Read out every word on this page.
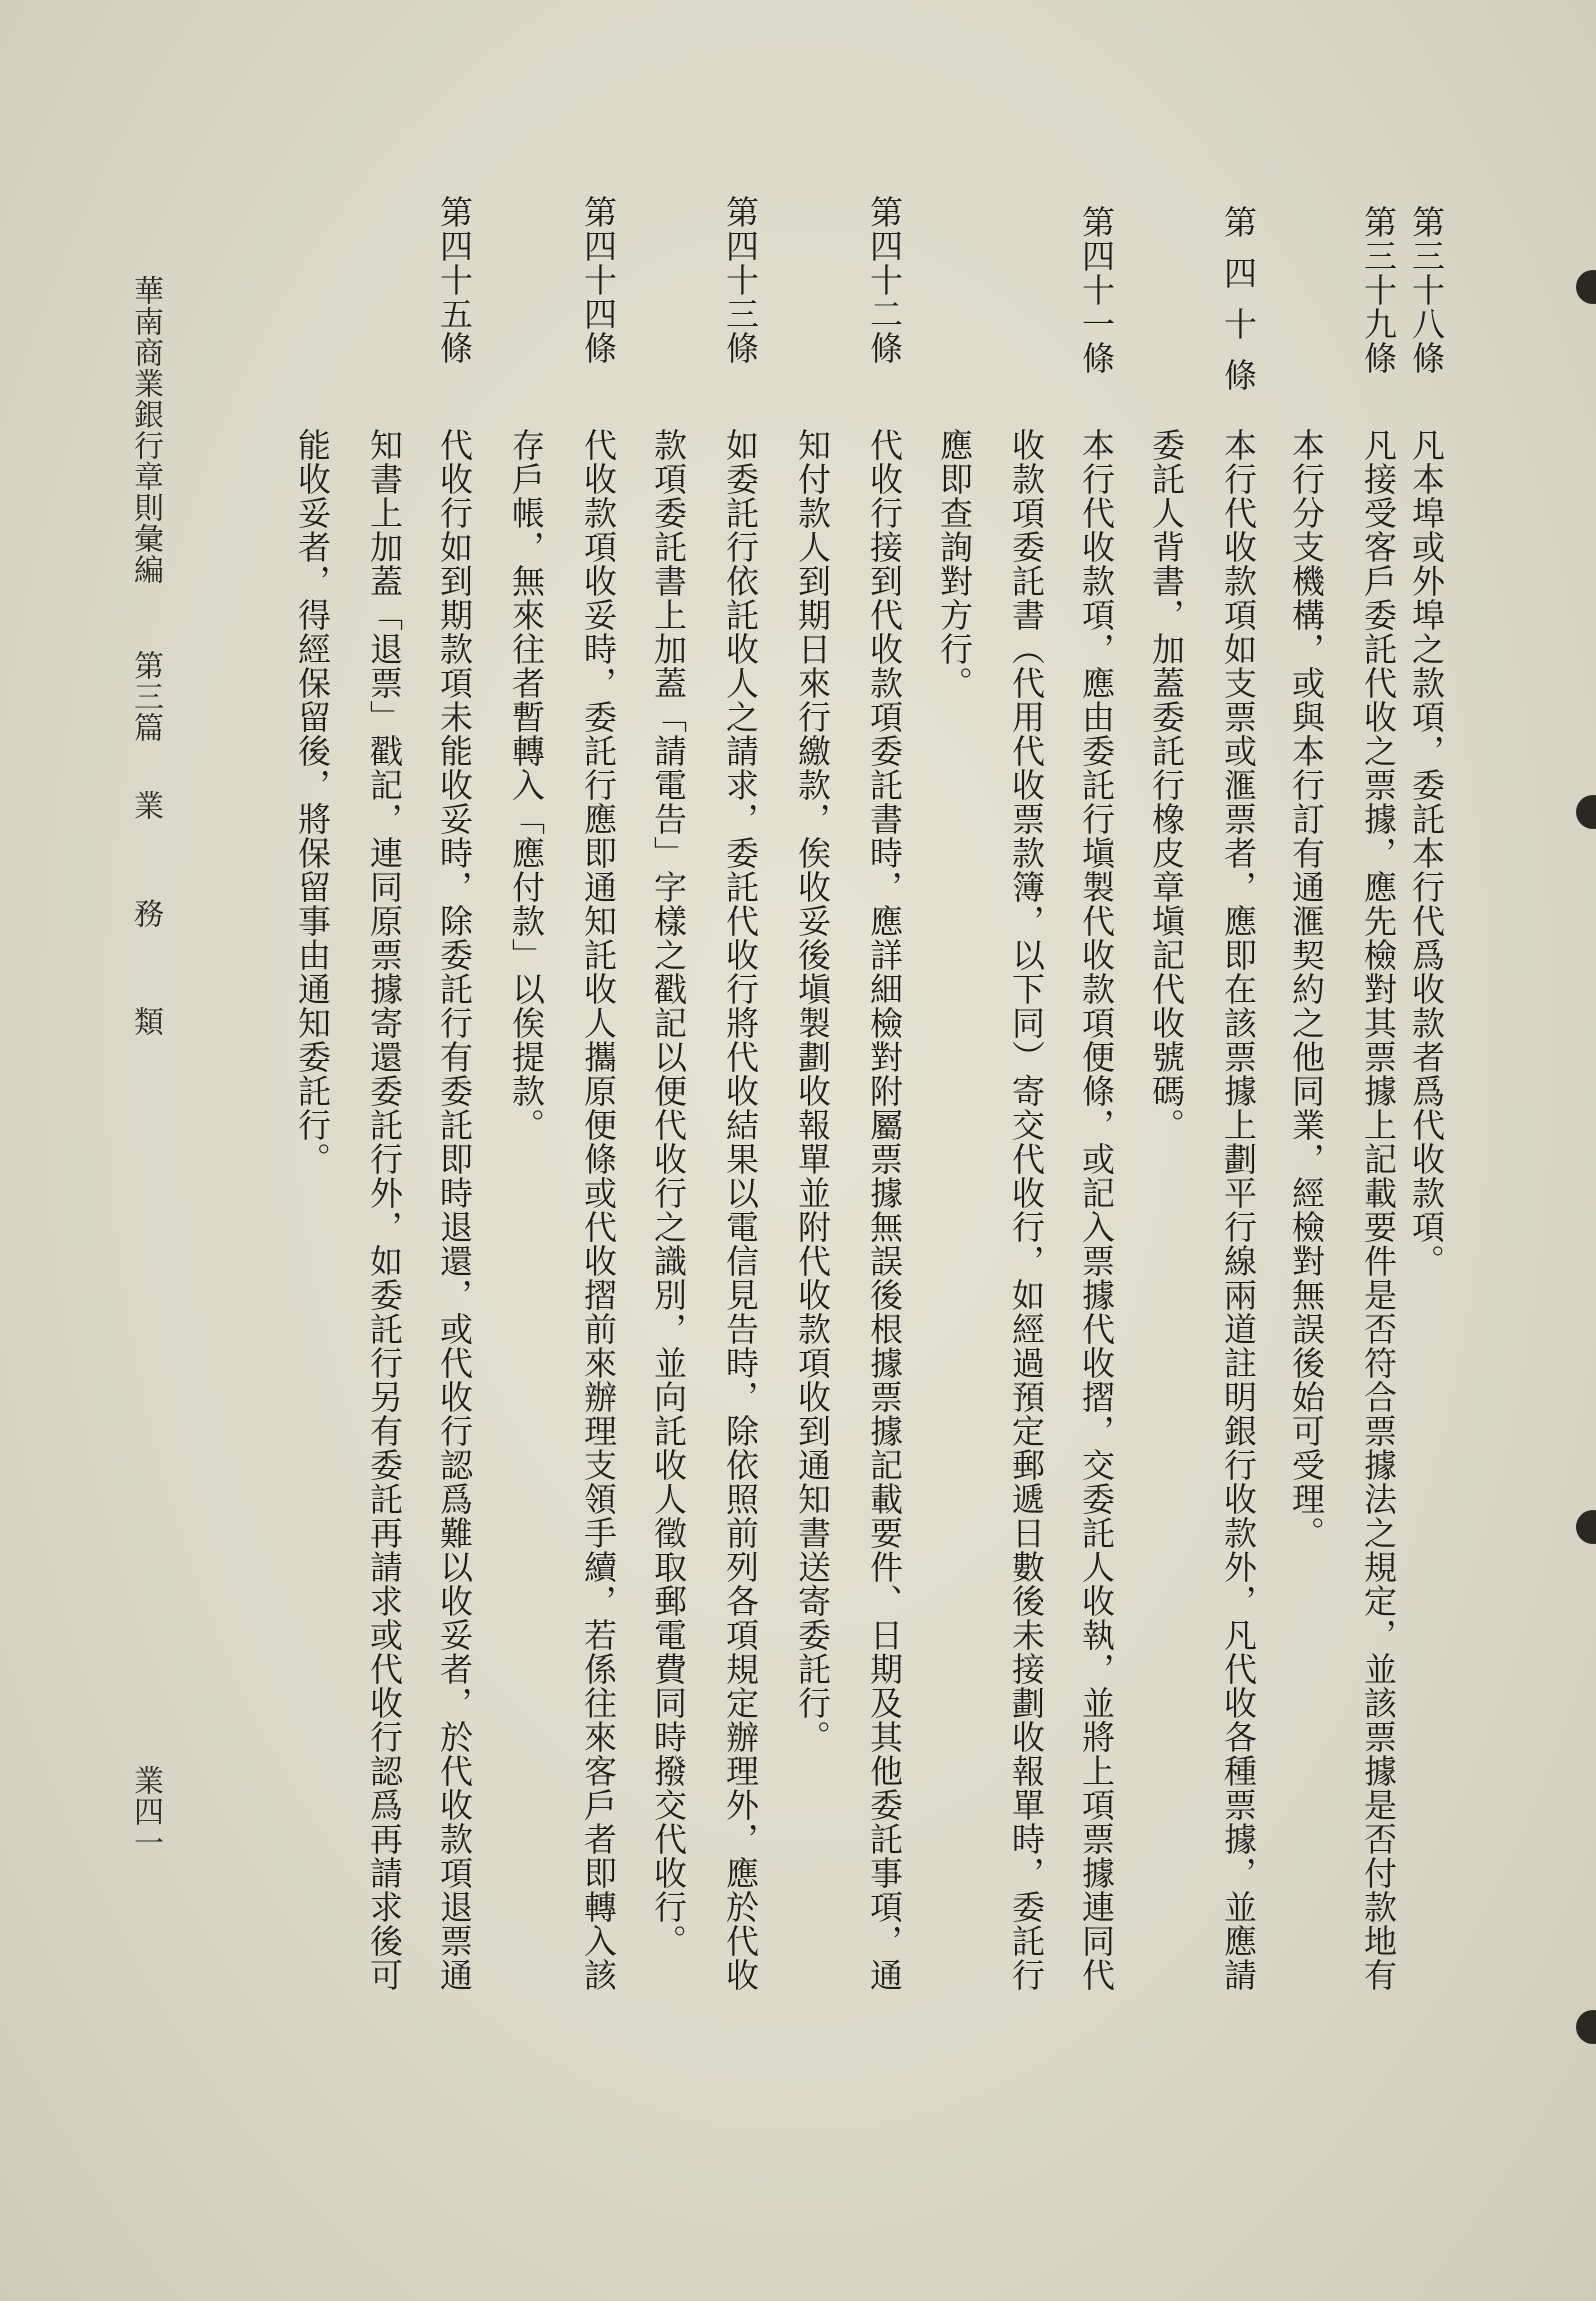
第三十八條
凡本埠或外埠之款項，委託本行代爲收款者爲代收款項。
第三十九條
凡接受客戶委託代收之票據，應先檢對其票據上記載要件是否符合票據法之規定，並該票據是否付款地有
本行分支機構，或與本行訂有通滙契約之他同業，經檢對無誤後始可受理。
第四十條
本行代收款項如支票或滙票者，應即在該票據上劃平行線兩道註明銀行收款外，凡代收各種票據，並應請
委託人背書，加蓋委託行橡皮章塡記代收號碼。
第四十一條
本行代收款項，應由委託行塡製代收款項便條，或記入票據代收摺，交委託人收執，並將上項票據連同代
收款項委託書（代用代收票款簿，以下同）寄交代收行，如經過預定郵遞日數後未接劃收報單時，委託行
應即查詢對方行。
第四十二條
代收行接到代收款項委託書時，應詳細檢對附屬票據無誤後根據票據記載要件、日期及其他委託事項，通
知付款人到期日來行繳款，俟收妥後塡製劃收報單並附代收款項收到通知書送寄委託行。
第四十三條
如委託行依託收人之請求，委託代收行將代收結果以電信見告時，除依照前列各項規定辦理外，應於代收
款項委託書上加蓋「請電告」字樣之戳記以便代收行之識別，並向託收人徵取郵電費同時撥交代收行。
第四十四條
代收款項收妥時，委託行應即通知託收人攜原便條或代收摺前來辦理支領手續，若係往來客戶者即轉入該
存戶帳，無來往者暫轉入「應付款」以俟提款。
第四十五條
代收行如到期款項未能收妥時，除委託行有委託即時退還，或代收行認爲難以收妥者，於代收款項退票通
知書上加蓋「退票」戳記，連同原票據寄還委託行外，如委託行另有委託再請求或代收行認爲再請求後可
能收妥者，得經保留後，將保留事由通知委託行。
華南商業銀行章則彙編
第三篇
業　務　類
業四一
